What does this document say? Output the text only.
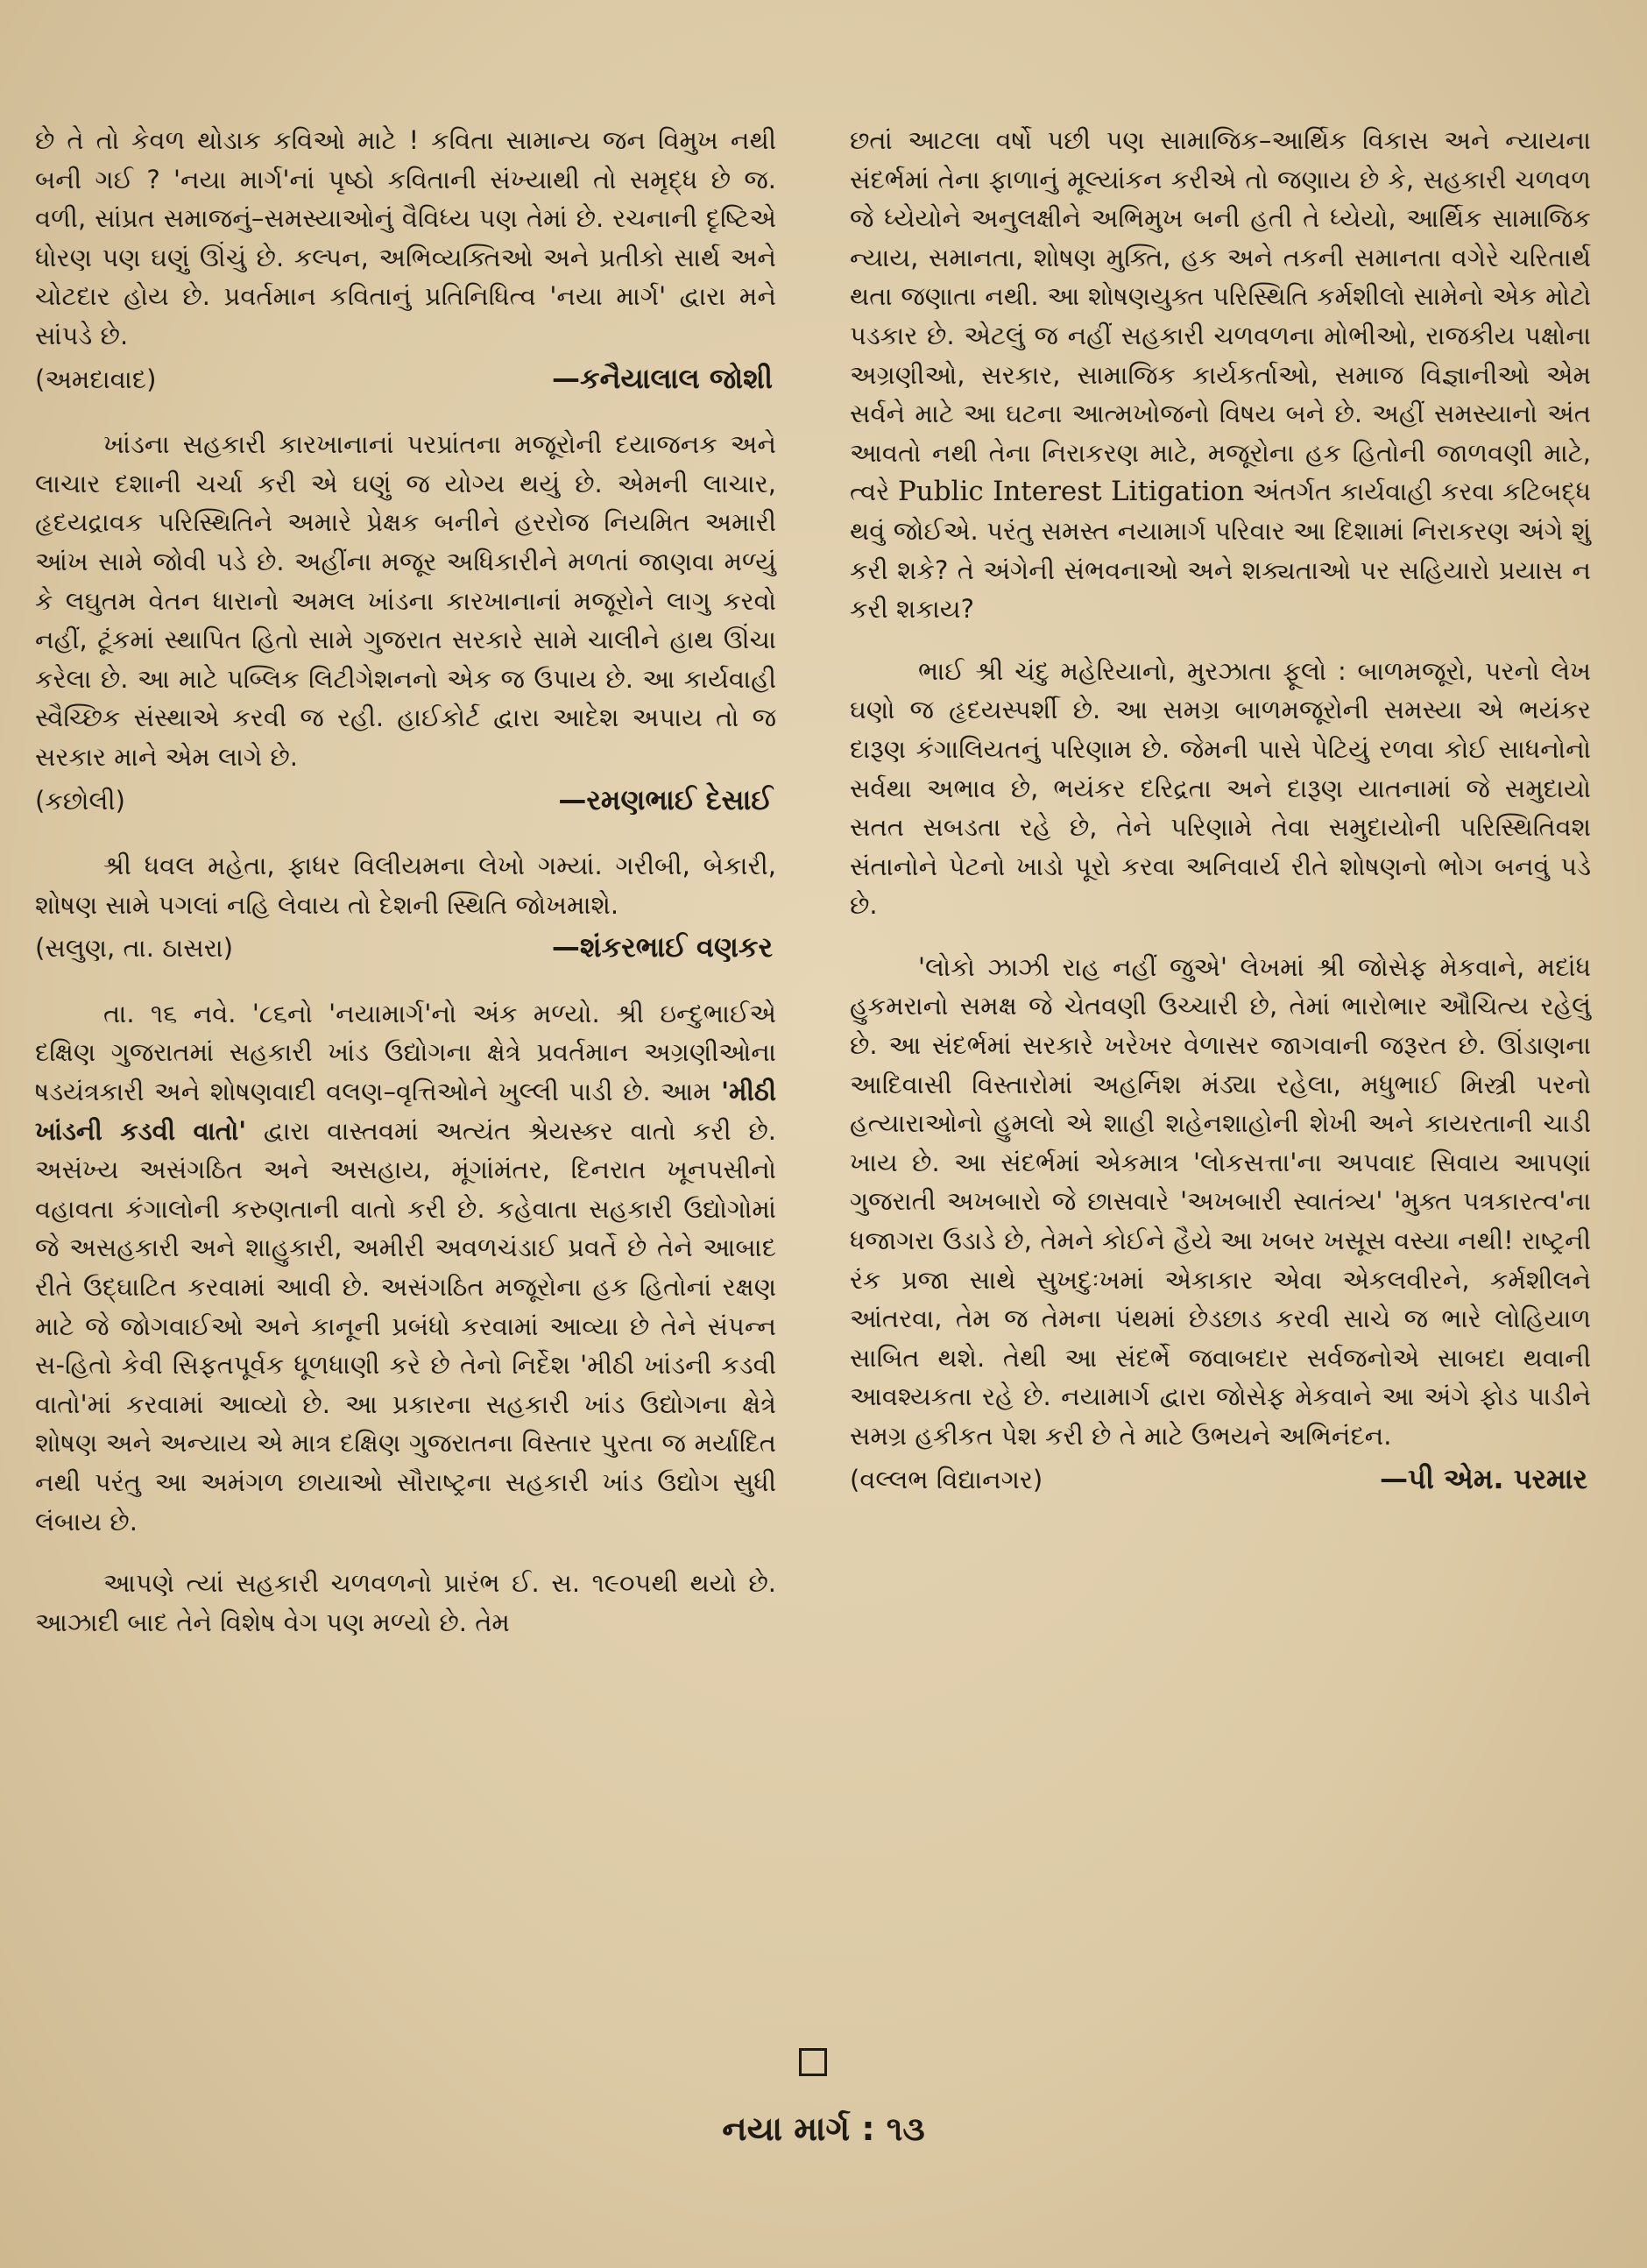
છે તે તો કેવળ થોડાક કવિઓ માટે ! કવિતા સામાન્ય જન વિમુખ નથી બની ગઈ ? 'નયા માર્ગ'નાં પૃષ્ઠો કવિતાની સંખ્યાથી તો સમૃદ્ધ છે જ. વળી, સાંપ્રત સમાજનું–સમસ્યાઓનું વૈવિધ્ય પણ તેમાં છે. રચનાની દૃષ્ટિએ ધોરણ પણ ઘણું ઊંચું છે. કલ્પન, અભિવ્યક્તિઓ અને પ્રતીકો સાર્થ અને ચોટદાર હોય છે. પ્રવર્તમાન કવિતાનું પ્રતિનિધિત્વ 'નયા માર્ગ' દ્વારા મને સાંપડે છે.

(અમદાવાદ)	—કનૈયાલાલ જોશી

ખાંડના સહકારી કારખાનાનાં પરપ્રાંતના મજૂરોની દયાજનક અને લાચાર દશાની ચર્ચા કરી એ ઘણું જ યોગ્ય થયું છે. એમની લાચાર, હૃદયદ્રાવક પરિસ્થિતિને અમારે પ્રેક્ષક બનીને હરરોજ નિયમિત અમારી આંખ સામે જોવી પડે છે. અહીંના મજૂર અધિકારીને મળતાં જાણવા મળ્યું કે લઘુતમ વેતન ધારાનો અમલ ખાંડના કારખાનાનાં મજૂરોને લાગુ કરવો નહીં, ટૂંકમાં સ્થાપિત હિતો સામે ગુજરાત સરકારે સામે ચાલીને હાથ ઊંચા કરેલા છે. આ માટે પબ્લિક લિટીગેશનનો એક જ ઉપાય છે. આ કાર્યવાહી સ્વૈચ્છિક સંસ્થાએ કરવી જ રહી. હાઈકોર્ટ દ્વારા આદેશ અપાય તો જ સરકાર માને એમ લાગે છે.

(કછોલી)	—રમણભાઈ દેસાઈ

શ્રી ધવલ મહેતા, ફાધર વિલીયમના લેખો ગમ્યાં. ગરીબી, બેકારી, શોષણ સામે પગલાં નહિ લેવાય તો દેશની સ્થિતિ જોખમાશે.

(સલુણ, તા. ઠાસરા)	—શંકરભાઈ વણકર

તા. ૧૬ નવે. '૮૬નો 'નયામાર્ગ'નો અંક મળ્યો. શ્રી ઇન્દુભાઈએ દક્ષિણ ગુજરાતમાં સહકારી ખાંડ ઉદ્યોગના ક્ષેત્રે પ્રવર્તમાન અગ્રણીઓના ષડયંત્રકારી અને શોષણવાદી વલણ–વૃત્તિઓને ખુલ્લી પાડી છે. આમ 'મીઠી ખાંડની કડવી વાતો' દ્વારા વાસ્તવમાં અત્યંત શ્રેયસ્કર વાતો કરી છે. અસંખ્ય અસંગઠિત અને અસહાય, મૂંગાંમંતર, દિનરાત ખૂનપસીનો વહાવતા કંગાલોની કરુણતાની વાતો કરી છે. કહેવાતા સહકારી ઉદ્યોગોમાં જે અસહકારી અને શાહુકારી, અમીરી અવળચંડાઈ પ્રવર્તે છે તેને આબાદ રીતે ઉદ્ઘાટિત કરવામાં આવી છે. અસંગઠિત મજૂરોના હક હિતોનાં રક્ષણ માટે જે જોગવાઈઓ અને કાનૂની પ્રબંધો કરવામાં આવ્યા છે તેને સંપન્ન સ-હિતો કેવી સિફતપૂર્વક ધૂળધાણી કરે છે તેનો નિર્દેશ 'મીઠી ખાંડની કડવી વાતો'માં કરવામાં આવ્યો છે. આ પ્રકારના સહકારી ખાંડ ઉદ્યોગના ક્ષેત્રે શોષણ અને અન્યાય એ માત્ર દક્ષિણ ગુજરાતના વિસ્તાર પુરતા જ મર્યાદિત નથી પરંતુ આ અમંગળ છાયાઓ સૌરાષ્ટ્રના સહકારી ખાંડ ઉદ્યોગ સુધી લંબાય છે.

આપણે ત્યાં સહકારી ચળવળનો પ્રારંભ ઈ. સ. ૧૯૦૫થી થયો છે. આઝાદી બાદ તેને વિશેષ વેગ પણ મળ્યો છે. તેમ

છતાં આટલા વર્ષો પછી પણ સામાજિક–આર્થિક વિકાસ અને ન્યાયના સંદર્ભમાં તેના ફાળાનું મૂલ્યાંકન કરીએ તો જણાય છે કે, સહકારી ચળવળ જે ધ્યેયોને અનુલક્ષીને અભિમુખ બની હતી તે ધ્યેયો, આર્થિક સામાજિક ન્યાય, સમાનતા, શોષણ મુક્તિ, હક અને તકની સમાનતા વગેરે ચરિતાર્થ થતા જણાતા નથી. આ શોષણયુક્ત પરિસ્થિતિ કર્મશીલો સામેનો એક મોટો પડકાર છે. એટલું જ નહીં સહકારી ચળવળના મોભીઓ, રાજકીય પક્ષોના અગ્રણીઓ, સરકાર, સામાજિક કાર્યકર્તાઓ, સમાજ વિજ્ઞાનીઓ એમ સર્વને માટે આ ઘટના આત્મખોજનો વિષય બને છે. અહીં સમસ્યાનો અંત આવતો નથી તેના નિરાકરણ માટે, મજૂરોના હક હિતોની જાળવણી માટે, ત્વરે Public Interest Litigation અંતર્ગત કાર્યવાહી કરવા કટિબદ્ધ થવું જોઈએ. પરંતુ સમસ્ત નયામાર્ગ પરિવાર આ દિશામાં નિરાકરણ અંગે શું કરી શકે? તે અંગેની સંભવનાઓ અને શક્યતાઓ પર સહિયારો પ્રયાસ ન કરી શકાય?

ભાઈ શ્રી ચંદુ મહેરિયાનો, મુરઝાતા ફૂલો : બાળમજૂરો, પરનો લેખ ઘણો જ હૃદયસ્પર્શી છે. આ સમગ્ર બાળમજૂરોની સમસ્યા એ ભયંકર દારૂણ કંગાલિયતનું પરિણામ છે. જેમની પાસે પેટિયું રળવા કોઈ સાધનોનો સર્વથા અભાવ છે, ભયંકર દરિદ્રતા અને દારૂણ યાતનામાં જે સમુદાયો સતત સબડતા રહે છે, તેને પરિણામે તેવા સમુદાયોની પરિસ્થિતિવશ સંતાનોને પેટનો ખાડો પૂરો કરવા અનિવાર્ય રીતે શોષણનો ભોગ બનવું પડે છે.

'લોકો ઝાઝી રાહ નહીં જુએ' લેખમાં શ્રી જોસેફ મેકવાને, મદાંધ હુકમરાનો સમક્ષ જે ચેતવણી ઉચ્ચારી છે, તેમાં ભારોભાર ઔચિત્ય રહેલું છે. આ સંદર્ભમાં સરકારે ખરેખર વેળાસર જાગવાની જરૂરત છે. ઊંડાણના આદિવાસી વિસ્તારોમાં અહર્નિશ મંડ્યા રહેલા, મધુભાઈ મિસ્ત્રી પરનો હત્યારાઓનો હુમલો એ શાહી શહેનશાહોની શેખી અને કાયરતાની ચાડી ખાય છે. આ સંદર્ભમાં એકમાત્ર 'લોકસત્તા'ના અપવાદ સિવાય આપણાં ગુજરાતી અખબારો જે છાસવારે 'અખબારી સ્વાતંત્ર્ય' 'મુક્ત પત્રકારત્વ'ના ધજાગરા ઉડાડે છે, તેમને કોઈને હૈયે આ ખબર ખસૂસ વસ્યા નથી! રાષ્ટ્રની રંક પ્રજા સાથે સુખદુઃખમાં એકાકાર એવા એકલવીરને, કર્મશીલને આંતરવા, તેમ જ તેમના પંથમાં છેડછાડ કરવી સાચે જ ભારે લોહિયાળ સાબિત થશે. તેથી આ સંદર્ભે જવાબદાર સર્વજનોએ સાબદા થવાની આવશ્યકતા રહે છે. નયામાર્ગ દ્વારા જોસેફ મેકવાને આ અંગે ફોડ પાડીને સમગ્ર હકીકત પેશ કરી છે તે માટે ઉભયને અભિનંદન.

(વલ્લભ વિદ્યાનગર)	—પી એમ. પરમાર
નયા માર્ગ : ૧૩
